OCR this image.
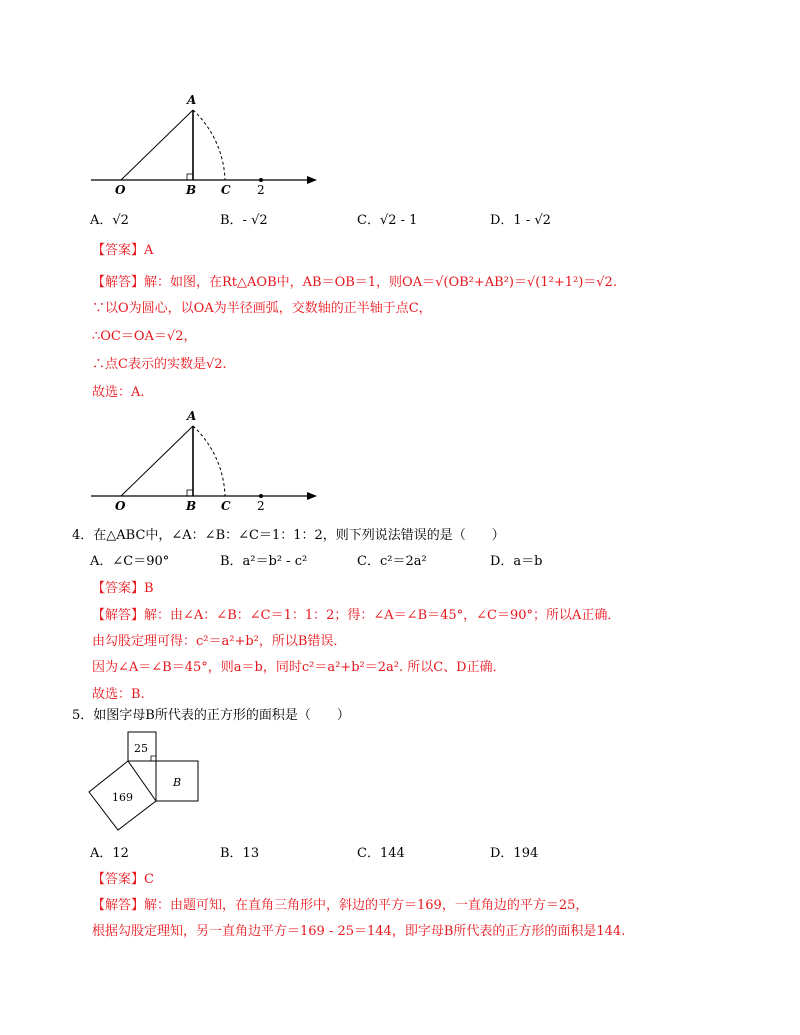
A
O	B C 2
A．√2	B．- √2	C．√2 - 1	D．1 - √2
【答案】A
【解答】解：如图，在Rt△AOB中，AB＝OB＝1，则OA＝√(OB²+AB²)＝√(1²+1²)＝√2.
∵以O为圆心，以OA为半径画弧，交数轴的正半轴于点C，
∴OC＝OA＝√2，
∴点C表示的实数是√2.
故选：A.
A
O	B C 2
4．在△ABC中，∠A：∠B：∠C＝1：1：2，则下列说法错误的是（　　）
A．∠C＝90°	B．a²＝b² - c²	C．c²＝2a²	D．a＝b
【答案】B
【解答】解：由∠A：∠B：∠C＝1：1：2；得：∠A＝∠B＝45°，∠C＝90°；所以A正确．
由勾股定理可得：c²＝a²+b²，所以B错误．
因为∠A＝∠B＝45°，则a＝b，同时c²＝a²+b²＝2a². 所以C、D正确．
故选：B.
5．如图字母B所代表的正方形的面积是（　　）
25
B
169
A．12	B．13	C．144	D．194
【答案】C
【解答】解：由题可知，在直角三角形中，斜边的平方＝169，一直角边的平方＝25，
根据勾股定理知，另一直角边平方＝169 - 25＝144，即字母B所代表的正方形的面积是144.
